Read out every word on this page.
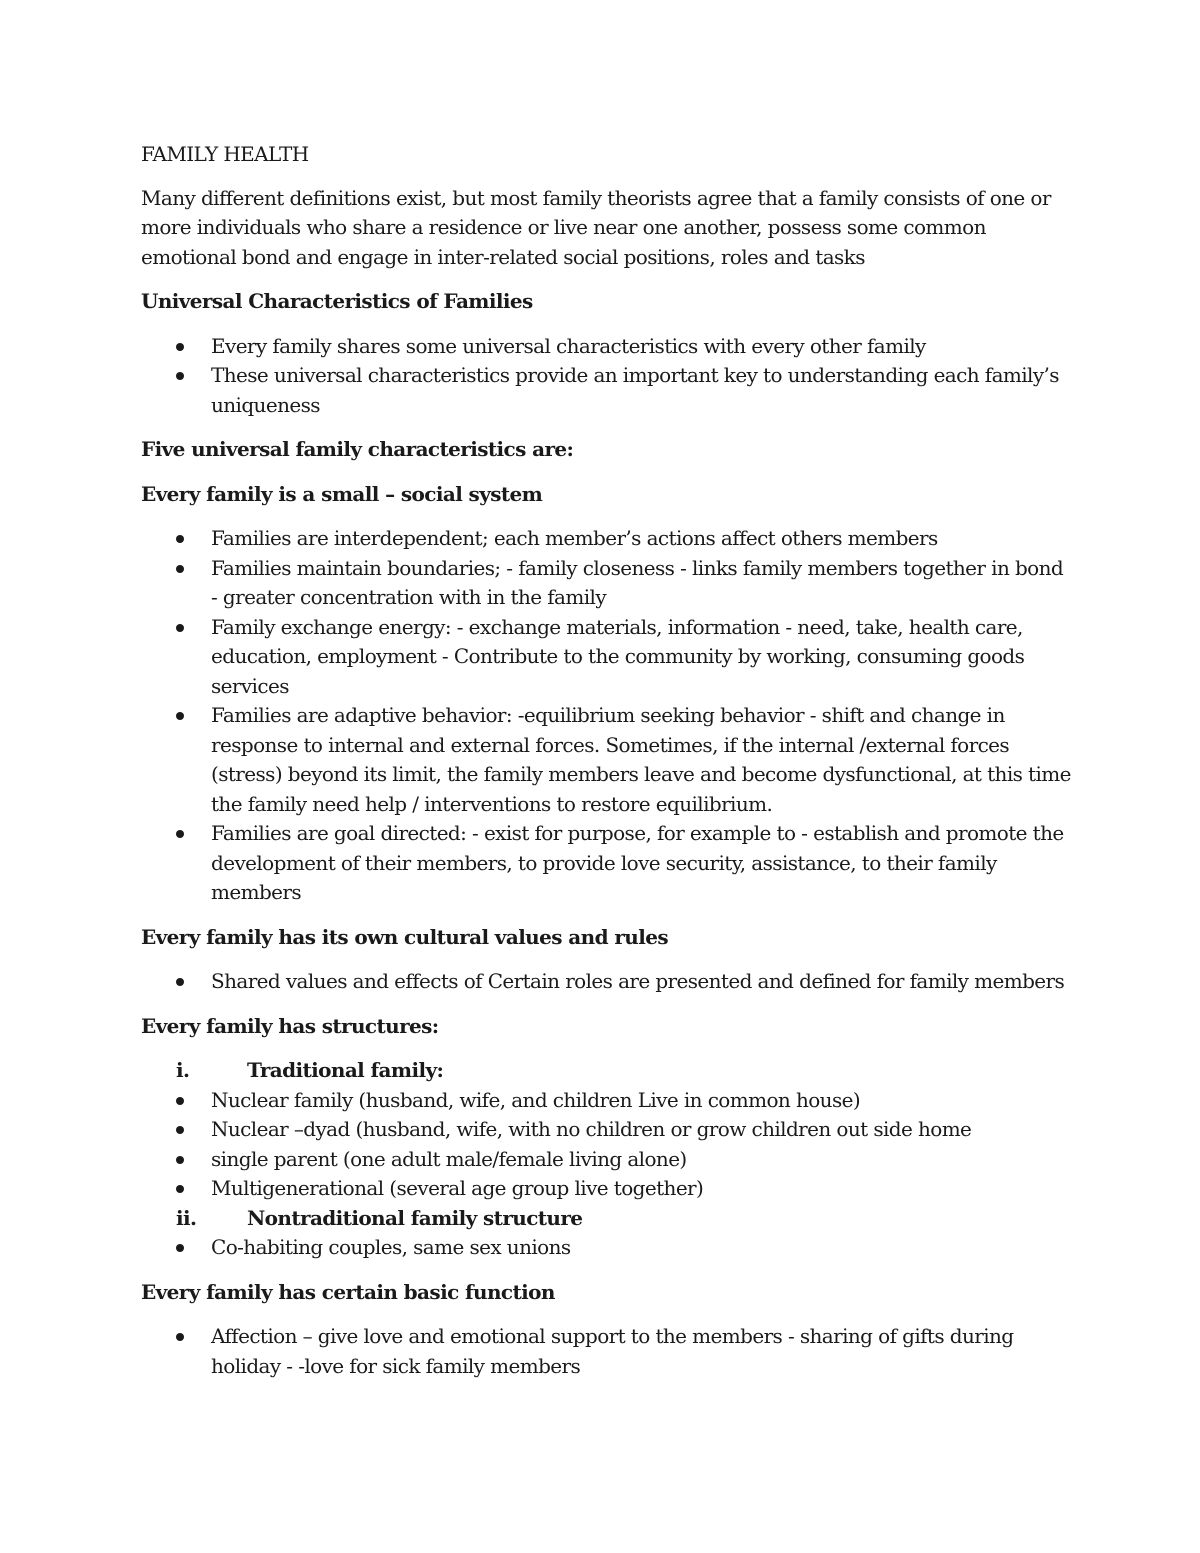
FAMILY HEALTH

Many different definitions exist, but most family theorists agree that a family consists of one or more individuals who share a residence or live near one another, possess some common emotional bond and engage in inter-related social positions, roles and tasks

Universal Characteristics of Families
Every family shares some universal characteristics with every other family
These universal characteristics provide an important key to understanding each family’s uniqueness
Five universal family characteristics are:
Every family is a small – social system
Families are interdependent; each member’s actions affect others members
Families maintain boundaries; - family closeness - links family members together in bond - greater concentration with in the family
Family exchange energy: - exchange materials, information - need, take, health care, education, employment - Contribute to the community by working, consuming goods services
Families are adaptive behavior: -equilibrium seeking behavior - shift and change in response to internal and external forces. Sometimes, if the internal /external forces (stress) beyond its limit, the family members leave and become dysfunctional, at this time the family need help / interventions to restore equilibrium.
Families are goal directed: - exist for purpose, for example to - establish and promote the development of their members, to provide love security, assistance, to their family members
Every family has its own cultural values and rules
Shared values and effects of Certain roles are presented and defined for family members
Every family has structures:
i.	Traditional family:
Nuclear family (husband, wife, and children Live in common house)
Nuclear –dyad (husband, wife, with no children or grow children out side home
single parent (one adult male/female living alone)
Multigenerational (several age group live together)
ii.	Nontraditional family structure
Co-habiting couples, same sex unions
Every family has certain basic function
Affection – give love and emotional support to the members - sharing of gifts during holiday - -love for sick family members
